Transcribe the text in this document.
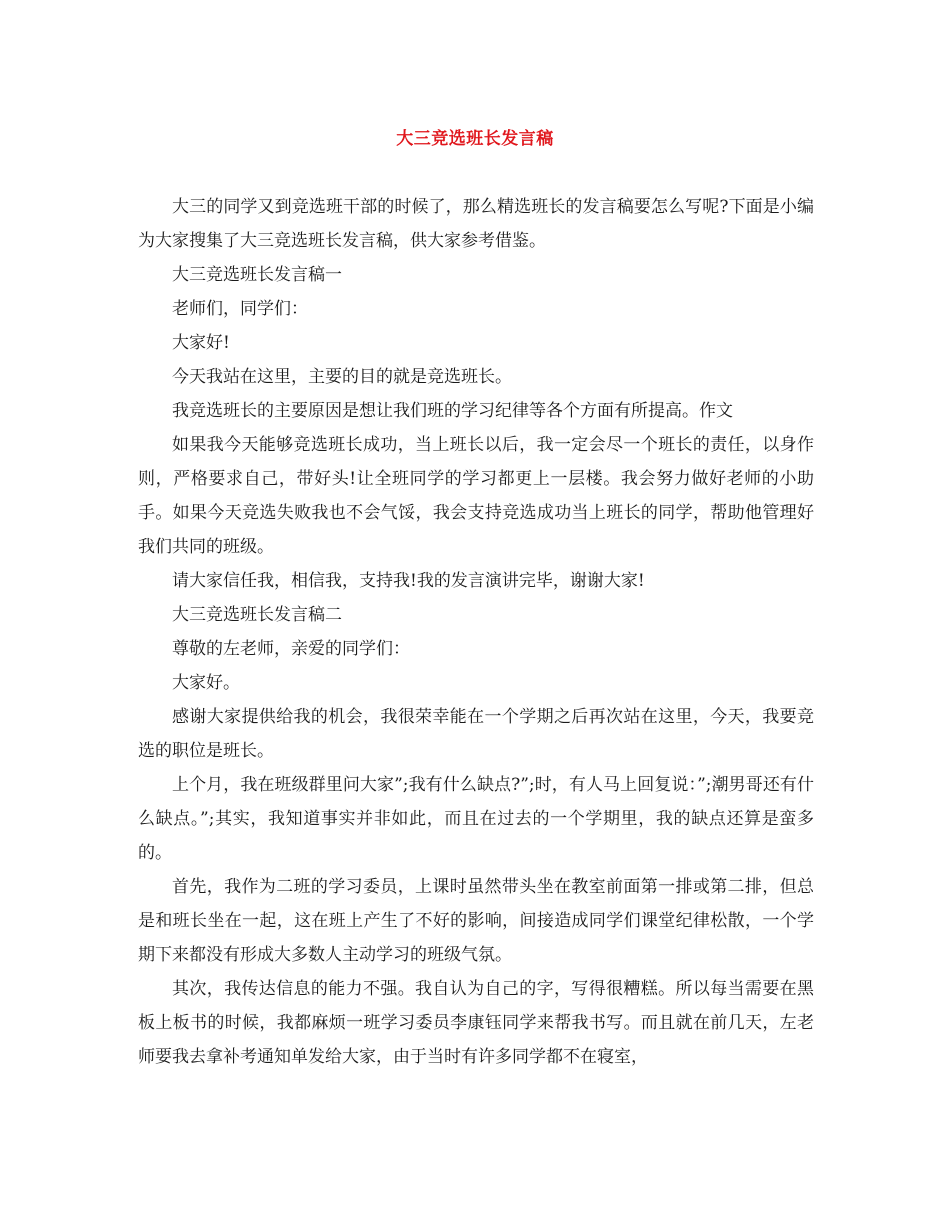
大三竞选班长发言稿

大三的同学又到竞选班干部的时候了，那么精选班长的发言稿要怎么写呢?下面是小编为大家搜集了大三竞选班长发言稿，供大家参考借鉴。

大三竞选班长发言稿一

老师们，同学们：

大家好!

今天我站在这里，主要的目的就是竞选班长。

我竞选班长的主要原因是想让我们班的学习纪律等各个方面有所提高。作文

如果我今天能够竞选班长成功，当上班长以后，我一定会尽一个班长的责任，以身作则，严格要求自己，带好头!让全班同学的学习都更上一层楼。我会努力做好老师的小助手。如果今天竞选失败我也不会气馁，我会支持竞选成功当上班长的同学，帮助他管理好我们共同的班级。

请大家信任我，相信我，支持我!我的发言演讲完毕，谢谢大家!

大三竞选班长发言稿二

尊敬的左老师，亲爱的同学们：

大家好。

感谢大家提供给我的机会，我很荣幸能在一个学期之后再次站在这里，今天，我要竞选的职位是班长。

上个月，我在班级群里问大家”;我有什么缺点?”;时，有人马上回复说：”;潮男哥还有什么缺点。”;其实，我知道事实并非如此，而且在过去的一个学期里，我的缺点还算是蛮多的。

首先，我作为二班的学习委员，上课时虽然带头坐在教室前面第一排或第二排，但总是和班长坐在一起，这在班上产生了不好的影响，间接造成同学们课堂纪律松散，一个学期下来都没有形成大多数人主动学习的班级气氛。

其次，我传达信息的能力不强。我自认为自己的字，写得很糟糕。所以每当需要在黑板上板书的时候，我都麻烦一班学习委员李康钰同学来帮我书写。而且就在前几天，左老师要我去拿补考通知单发给大家，由于当时有许多同学都不在寝室，
